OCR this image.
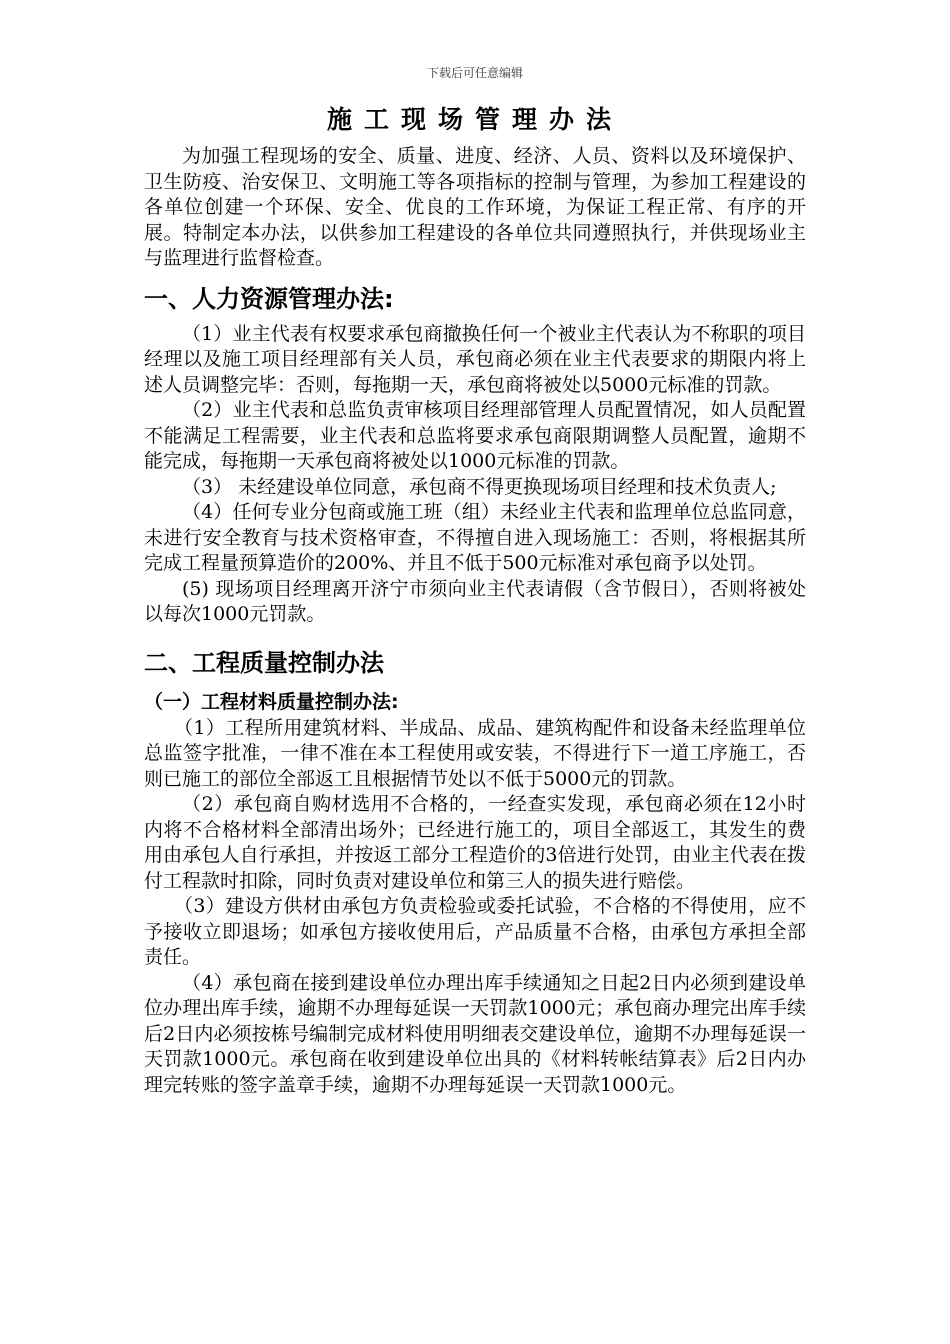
下载后可任意编辑
施工现场管理办法

为加强工程现场的安全、质量、进度、经济、人员、资料以及环境保护、卫生防疫、治安保卫、文明施工等各项指标的控制与管理，为参加工程建设的各单位创建一个环保、安全、优良的工作环境，为保证工程正常、有序的开展。特制定本办法，以供参加工程建设的各单位共同遵照执行，并供现场业主与监理进行监督检查。

一、人力资源管理办法:

（1）业主代表有权要求承包商撤换任何一个被业主代表认为不称职的项目经理以及施工项目经理部有关人员，承包商必须在业主代表要求的期限内将上述人员调整完毕：否则，每拖期一天，承包商将被处以5000元标准的罚款。

（2）业主代表和总监负责审核项目经理部管理人员配置情况，如人员配置不能满足工程需要，业主代表和总监将要求承包商限期调整人员配置，逾期不能完成，每拖期一天承包商将被处以1000元标准的罚款。

（3） 未经建设单位同意，承包商不得更换现场项目经理和技术负责人;

（4）任何专业分包商或施工班（组）未经业主代表和监理单位总监同意，未进行安全教育与技术资格审查，不得擅自进入现场施工：否则，将根据其所完成工程量预算造价的200%、并且不低于500元标准对承包商予以处罚。

(5) 现场项目经理离开济宁市须向业主代表请假（含节假日），否则将被处以每次1000元罚款。

二、工程质量控制办法
（一）工程材料质量控制办法:

（1）工程所用建筑材料、半成品、成品、建筑构配件和设备未经监理单位总监签字批准，一律不准在本工程使用或安装，不得进行下一道工序施工，否则已施工的部位全部返工且根据情节处以不低于5000元的罚款。

（2）承包商自购材选用不合格的，一经查实发现，承包商必须在12小时内将不合格材料全部清出场外；已经进行施工的，项目全部返工，其发生的费用由承包人自行承担，并按返工部分工程造价的3倍进行处罚，由业主代表在拨付工程款时扣除，同时负责对建设单位和第三人的损失进行赔偿。

（3）建设方供材由承包方负责检验或委托试验，不合格的不得使用，应不予接收立即退场；如承包方接收使用后，产品质量不合格，由承包方承担全部责任。

（4）承包商在接到建设单位办理出库手续通知之日起2日内必须到建设单位办理出库手续，逾期不办理每延误一天罚款1000元；承包商办理完出库手续后2日内必须按栋号编制完成材料使用明细表交建设单位，逾期不办理每延误一天罚款1000元。承包商在收到建设单位出具的《材料转帐结算表》后2日内办理完转账的签字盖章手续，逾期不办理每延误一天罚款1000元。
